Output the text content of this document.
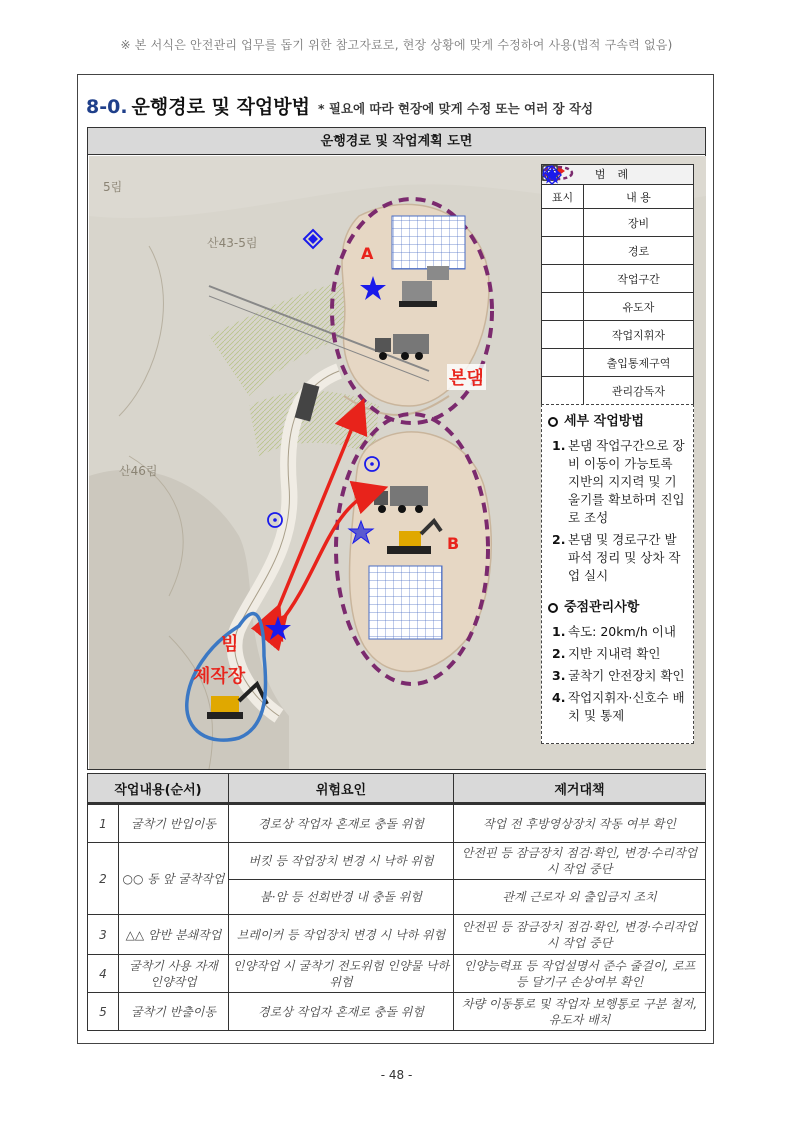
※ 본 서식은 안전관리 업무를 돕기 위한 참고자료로, 현장 상황에 맞게 수정하여 사용(법적 구속력 없음)
8-0. 운행경로 및 작업방법 * 필요에 따라 현장에 맞게 수정 또는 여러 장 작성
운행경로 및 작업계획 도면
A
B
본댐
빔
제작장
5림
산43-5림
산46림
범례
표시	내 용
장비
경로
작업구간
유도자
작업지휘자
출입통제구역
관리감독자
세부 작업방법
1. 본댐 작업구간으로 장비 이동이 가능토록 지반의 지지력 및 기울기를 확보하며 진입로 조성
2. 본댐 및 경로구간 발파석 정리 및 상차 작업 실시
중점관리사항
1. 속도: 20km/h 이내
2. 지반 지내력 확인
3. 굴착기 안전장치 확인
4. 작업지휘자·신호수 배치 및 통제
작업내용(순서)		위험요인	제거대책

1	굴착기 반입이동	경로상 작업자 혼재로 충돌 위험	작업 전 후방영상장치 작동 여부 확인
2	○○ 동 앞 굴착작업	버킷 등 작업장치 변경 시 낙하 위험	안전핀 등 잠금장치 점검·확인, 변경·수리작업 시 작업 중단
		붐·암 등 선회반경 내 충돌 위험	관계 근로자 외 출입금지 조치
3	△△ 암반 분쇄작업	브레이커 등 작업장치 변경 시 낙하 위험	안전핀 등 잠금장치 점검·확인, 변경·수리작업 시 작업 중단
4	굴착기 사용 자재 인양작업	인양작업 시 굴착기 전도위험 인양물 낙하위험	인양능력표 등 작업설명서 준수 줄걸이, 로프 등 달기구 손상여부 확인
5	굴착기 반출이동	경로상 작업자 혼재로 충돌 위험	차량 이동통로 및 작업자 보행통로 구분 철저, 유도자 배치
- 48 -
